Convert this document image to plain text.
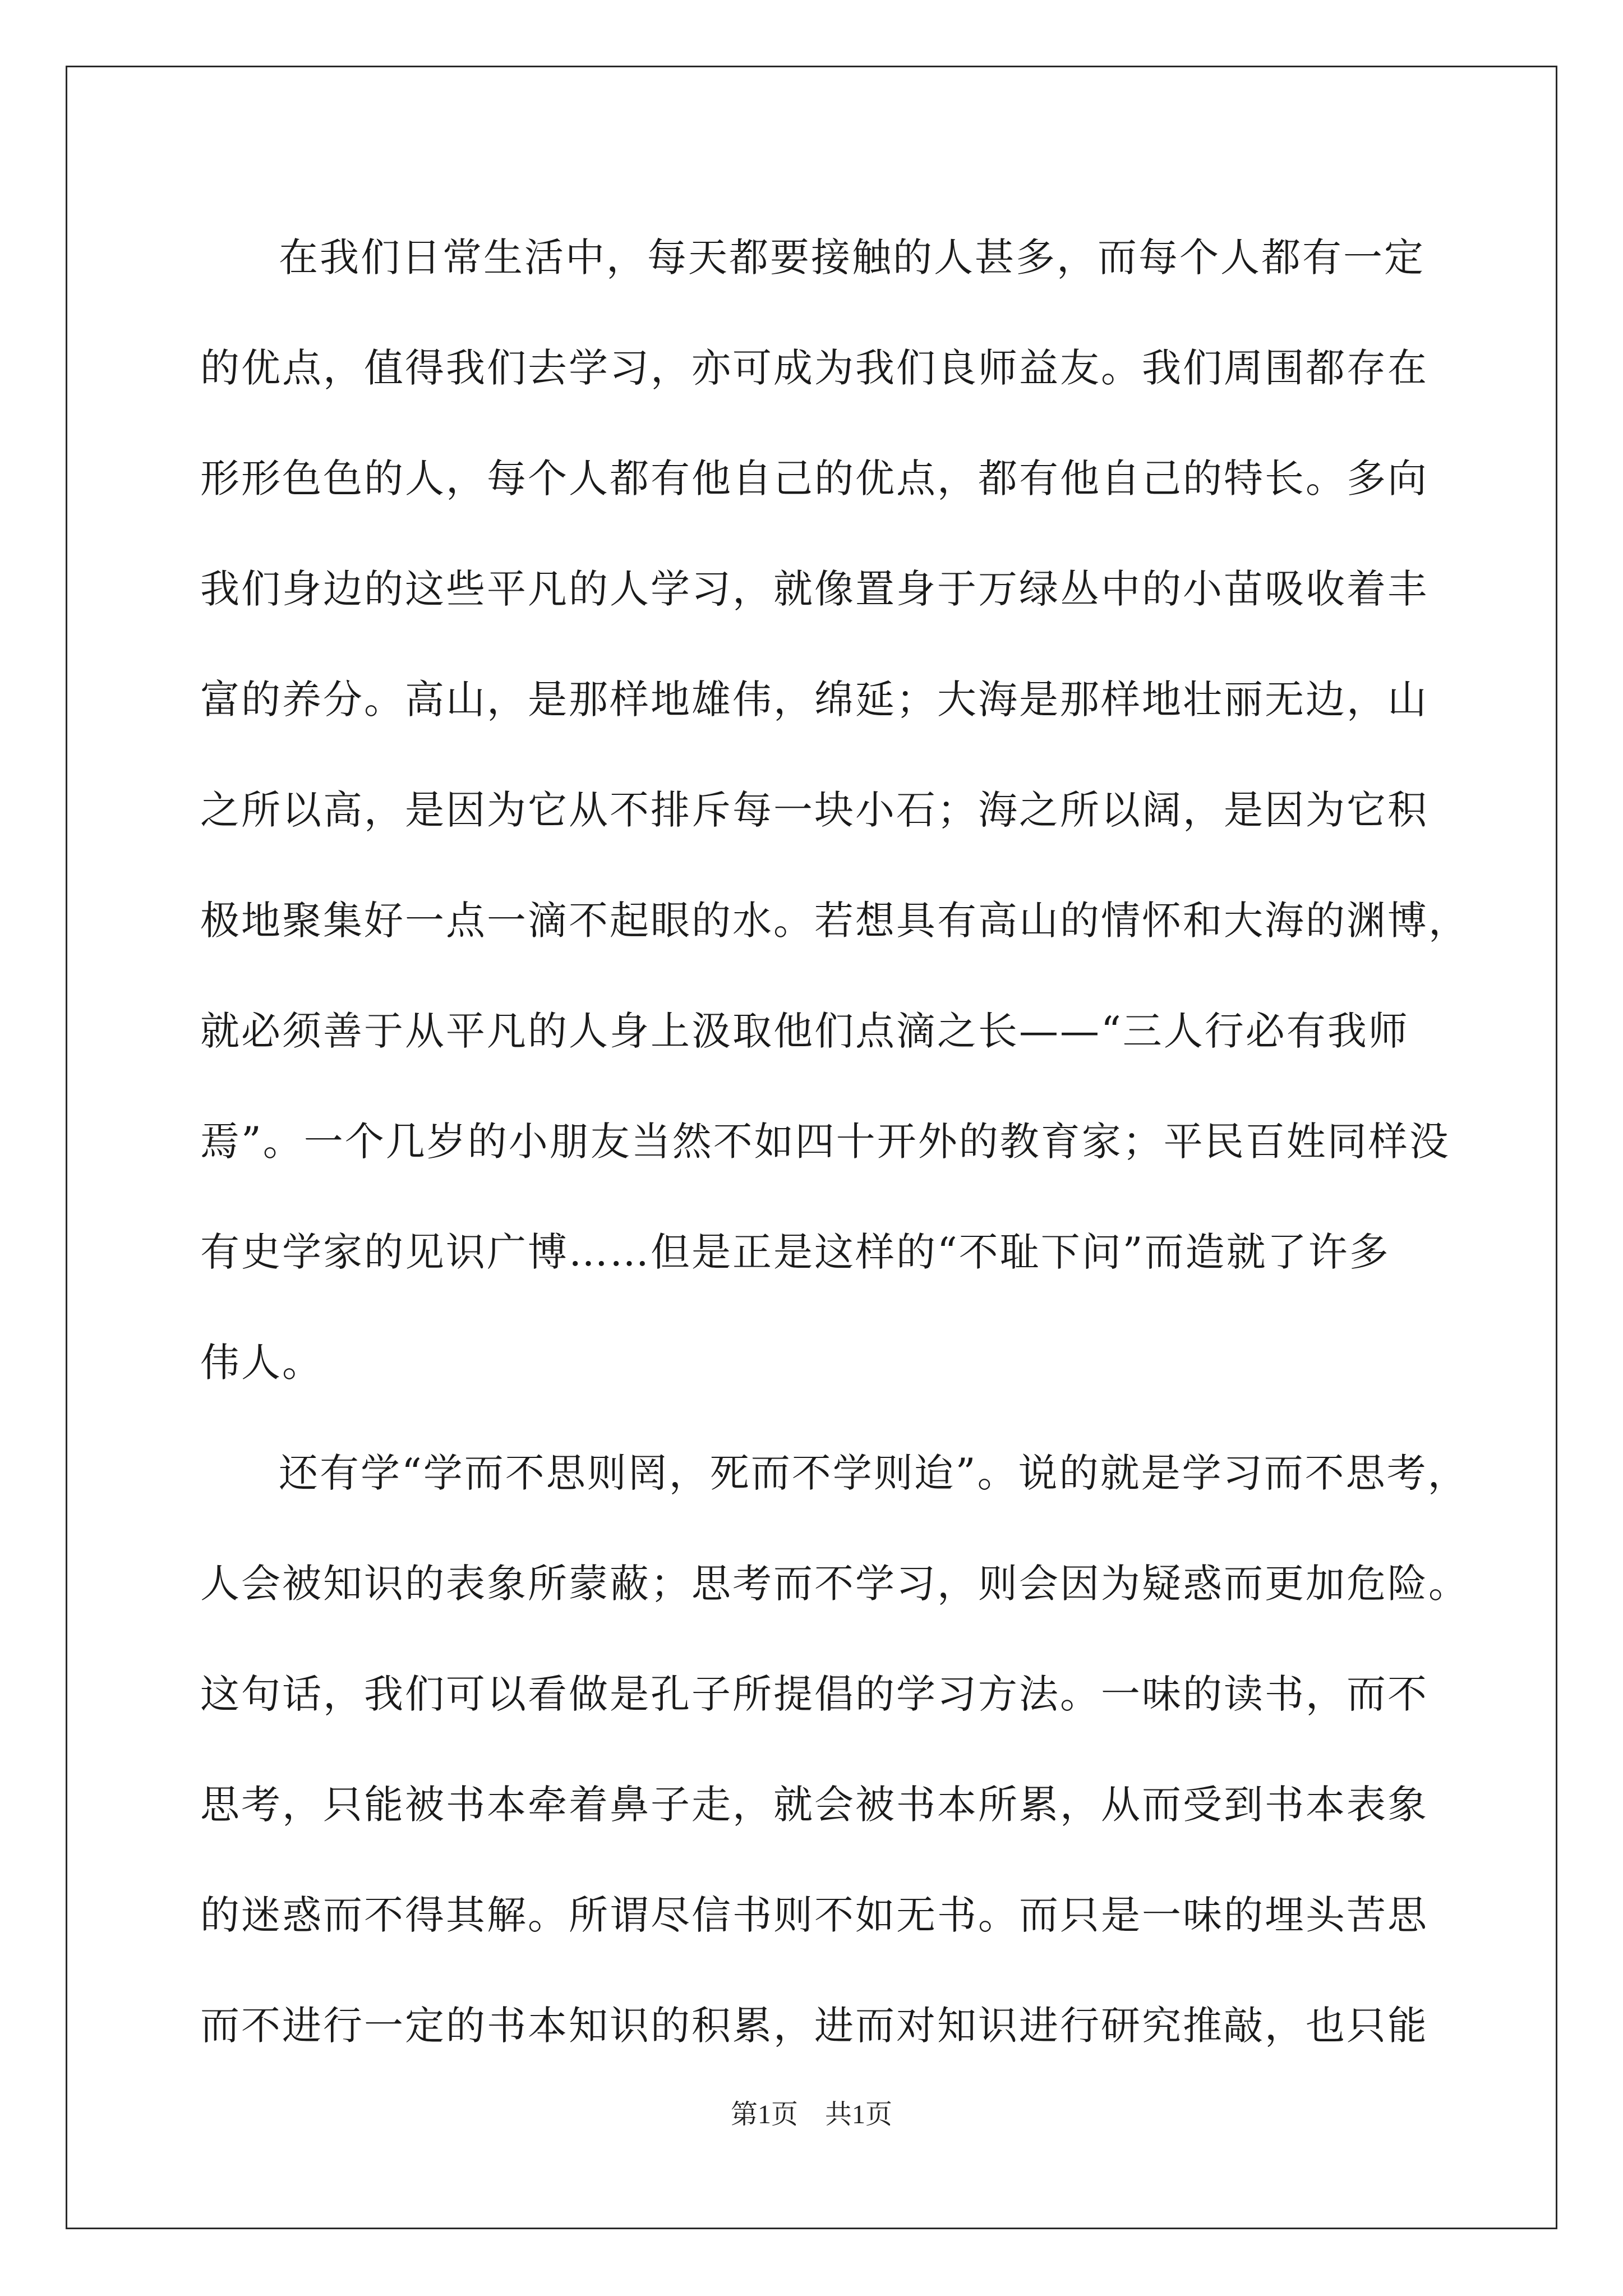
在我们日常生活中，每天都要接触的人甚多，而每个人都有一定
的优点，值得我们去学习，亦可成为我们良师益友。我们周围都存在
形形色色的人，每个人都有他自己的优点，都有他自己的特长。多向
我们身边的这些平凡的人学习，就像置身于万绿丛中的小苗吸收着丰
富的养分。高山，是那样地雄伟，绵延；大海是那样地壮丽无边，山
之所以高，是因为它从不排斥每一块小石；海之所以阔，是因为它积
极地聚集好一点一滴不起眼的水。若想具有高山的情怀和大海的渊博，
就必须善于从平凡的人身上汲取他们点滴之长——“三人行必有我师
焉”。一个几岁的小朋友当然不如四十开外的教育家；平民百姓同样没
有史学家的见识广博……但是正是这样的“不耻下问”而造就了许多
伟人。
还有学“学而不思则罔，死而不学则迨”。说的就是学习而不思考，
人会被知识的表象所蒙蔽；思考而不学习，则会因为疑惑而更加危险。
这句话，我们可以看做是孔子所提倡的学习方法。一味的读书，而不
思考，只能被书本牵着鼻子走，就会被书本所累，从而受到书本表象
的迷惑而不得其解。所谓尽信书则不如无书。而只是一味的埋头苦思
而不进行一定的书本知识的积累，进而对知识进行研究推敲，也只能
第1页 共1页
